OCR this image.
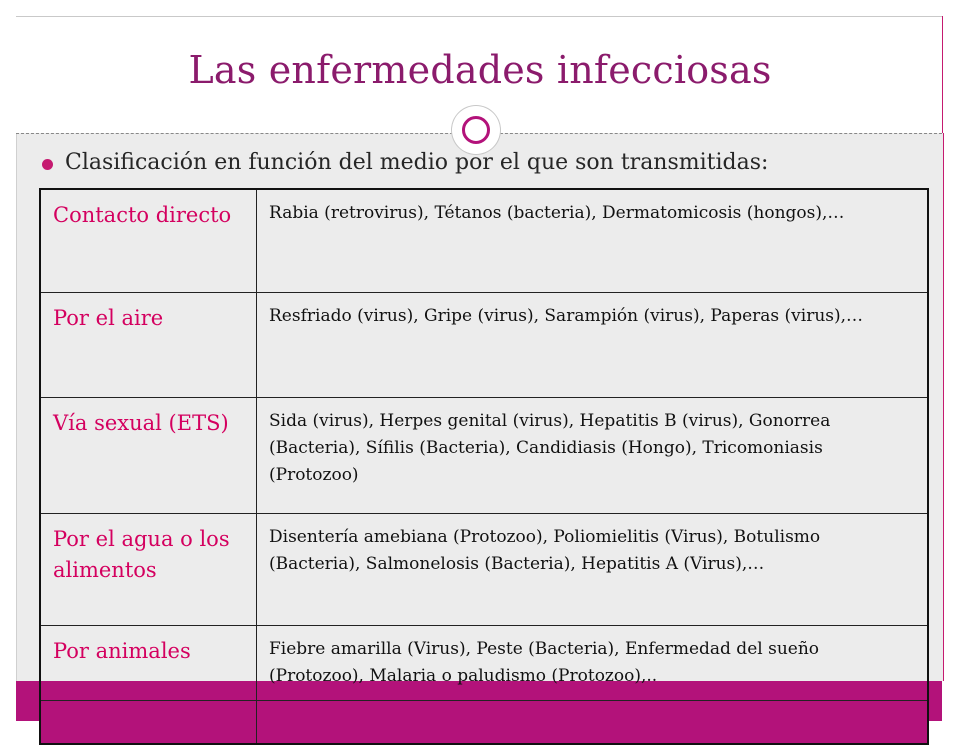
Las enfermedades infecciosas
Clasificación en función del medio por el que son transmitidas:
Contacto directo	Rabia (retrovirus), Tétanos (bacteria), Dermatomicosis (hongos),…
Por el aire	Resfriado (virus), Gripe (virus), Sarampión (virus), Paperas (virus),…
Vía sexual (ETS)	Sida (virus), Herpes genital (virus), Hepatitis B (virus), Gonorrea (Bacteria), Sífilis (Bacteria), Candidiasis (Hongo), Tricomoniasis (Protozoo)
Por el agua o los alimentos	Disentería amebiana (Protozoo), Poliomielitis (Virus), Botulismo (Bacteria), Salmonelosis (Bacteria), Hepatitis A (Virus),…
Por animales	Fiebre amarilla (Virus), Peste (Bacteria), Enfermedad del sueño (Protozoo), Malaria o paludismo (Protozoo),..
